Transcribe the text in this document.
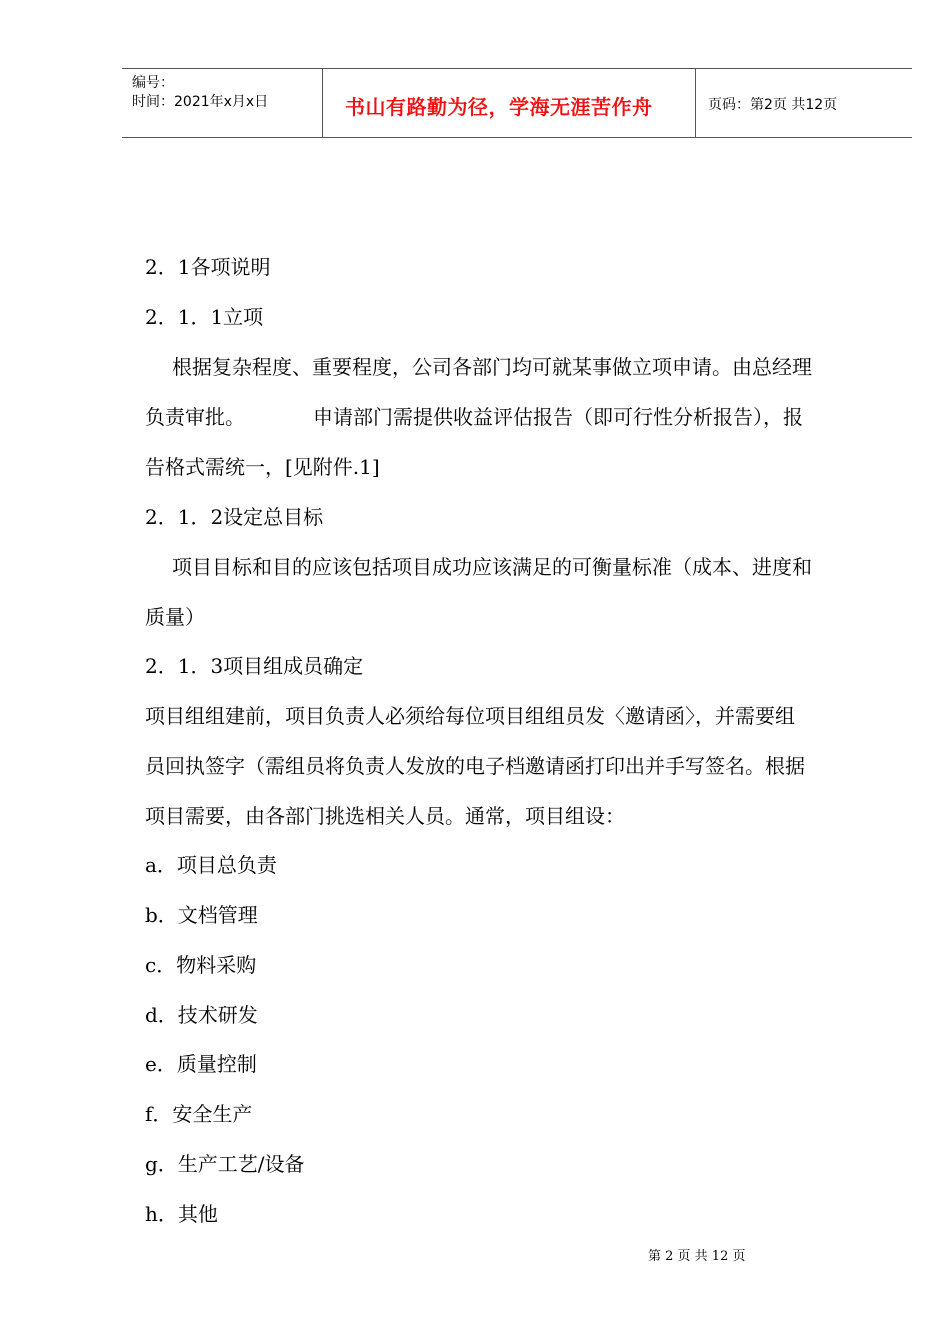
编号：
时间：2021年x月x日	书山有路勤为径，学海无涯苦作舟	页码：第2页 共12页
2．1各项说明
2．1．1立项
根据复杂程度、重要程度，公司各部门均可就某事做立项申请。由总经理
负责审批。	申请部门需提供收益评估报告（即可行性分析报告），报
告格式需统一，[见附件.1]
2．1．2设定总目标
项目目标和目的应该包括项目成功应该满足的可衡量标准（成本、进度和
质量）
2．1．3项目组成员确定
项目组组建前，项目负责人必须给每位项目组组员发〈邀请函〉，并需要组
员回执签字（需组员将负责人发放的电子档邀请函打印出并手写签名。根据
项目需要，由各部门挑选相关人员。通常，项目组设：
a．项目总负责
b．文档管理
c．物料采购
d．技术研发
e．质量控制
f．安全生产
g．生产工艺/设备
h．其他
第 2 页 共 12 页
